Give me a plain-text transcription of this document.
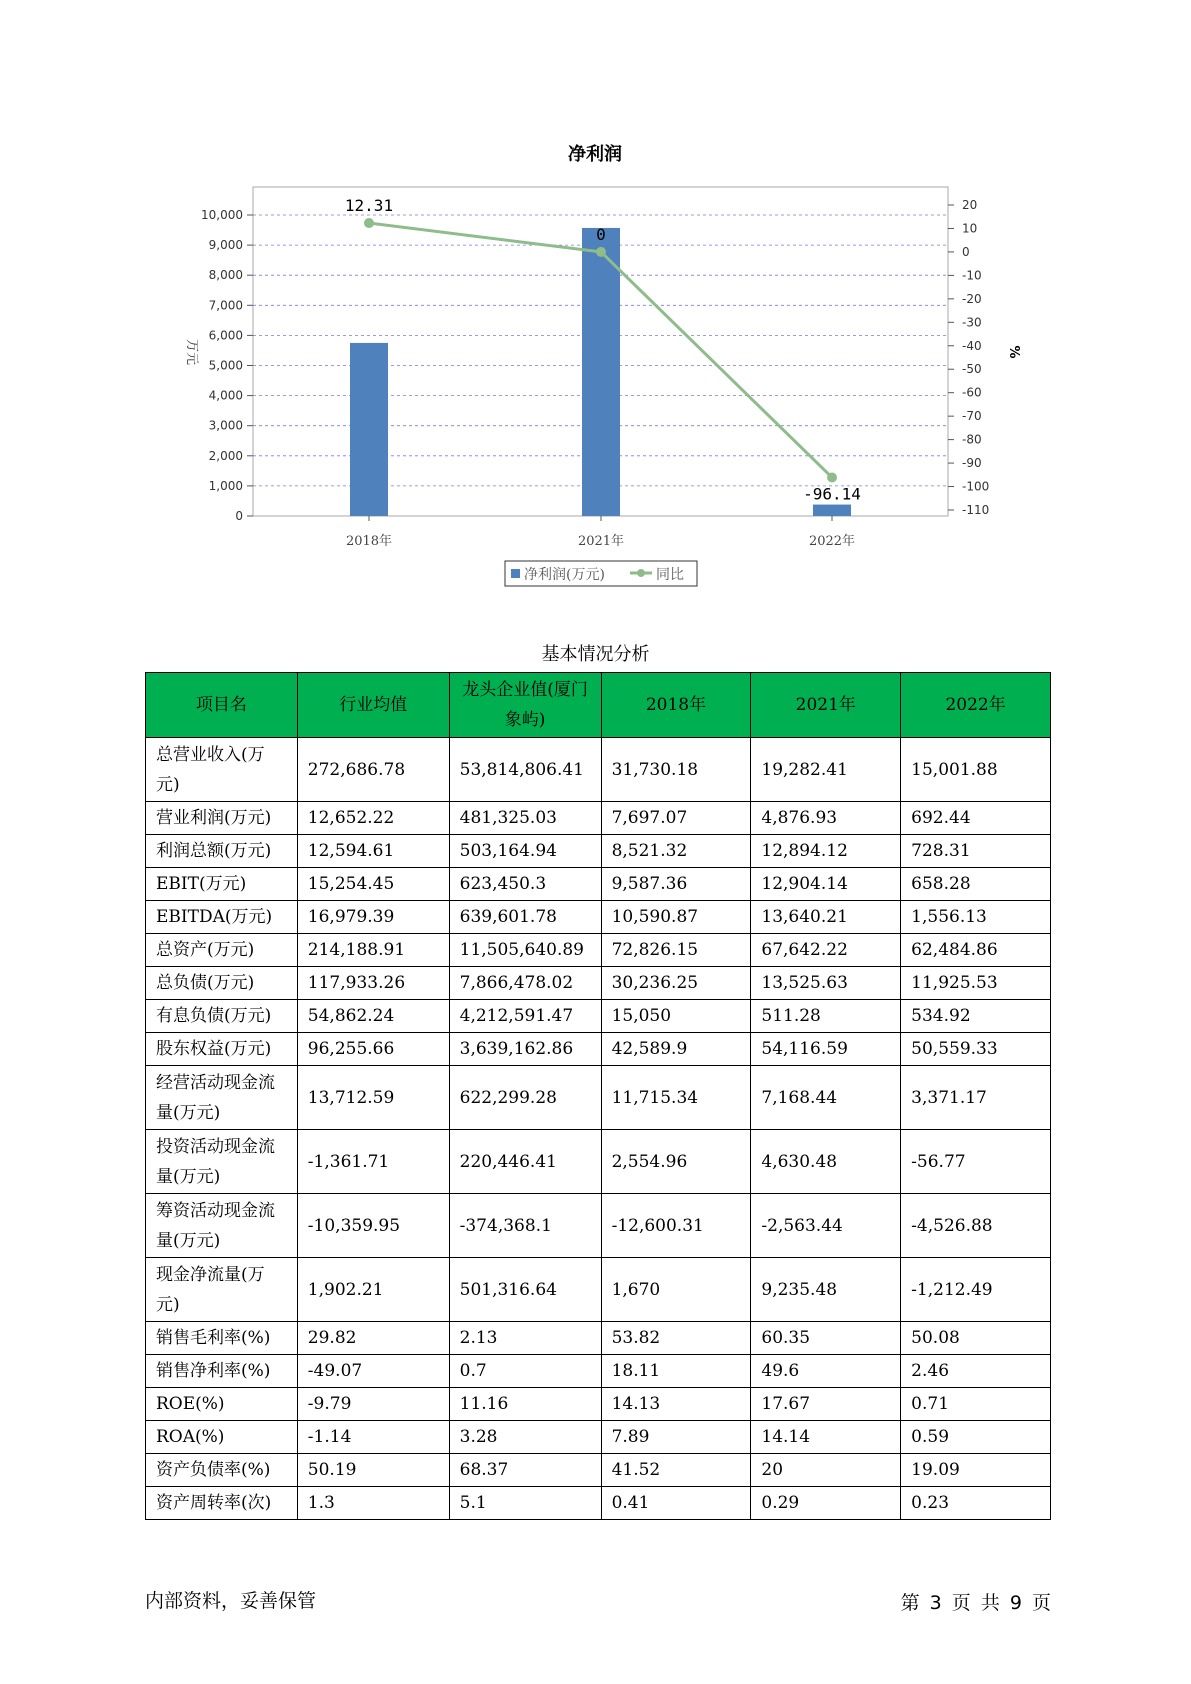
净利润
0
1,000
2,000
3,000
4,000
5,000
6,000
7,000
8,000
9,000
10,000
万元
20
10
0
-10
-20
-30
-40
-50
-60
-70
-80
-90
-100
-110
%
2018年	2021年	2022年
12.31
0
-96.14
净利润(万元)	同比
基本情况分析
项目名	行业均值	龙头企业值(厦门象屿)	2018年	2021年	2022年
总营业收入(万元)	272,686.78	53,814,806.41	31,730.18	19,282.41	15,001.88
营业利润(万元)	12,652.22	481,325.03	7,697.07	4,876.93	692.44
利润总额(万元)	12,594.61	503,164.94	8,521.32	12,894.12	728.31
EBIT(万元)	15,254.45	623,450.3	9,587.36	12,904.14	658.28
EBITDA(万元)	16,979.39	639,601.78	10,590.87	13,640.21	1,556.13
总资产(万元)	214,188.91	11,505,640.89	72,826.15	67,642.22	62,484.86
总负债(万元)	117,933.26	7,866,478.02	30,236.25	13,525.63	11,925.53
有息负债(万元)	54,862.24	4,212,591.47	15,050	511.28	534.92
股东权益(万元)	96,255.66	3,639,162.86	42,589.9	54,116.59	50,559.33
经营活动现金流量(万元)	13,712.59	622,299.28	11,715.34	7,168.44	3,371.17
投资活动现金流量(万元)	-1,361.71	220,446.41	2,554.96	4,630.48	-56.77
筹资活动现金流量(万元)	-10,359.95	-374,368.1	-12,600.31	-2,563.44	-4,526.88
现金净流量(万元)	1,902.21	501,316.64	1,670	9,235.48	-1,212.49
销售毛利率(%)	29.82	2.13	53.82	60.35	50.08
销售净利率(%)	-49.07	0.7	18.11	49.6	2.46
ROE(%)	-9.79	11.16	14.13	17.67	0.71
ROA(%)	-1.14	3.28	7.89	14.14	0.59
资产负债率(%)	50.19	68.37	41.52	20	19.09
资产周转率(次)	1.3	5.1	0.41	0.29	0.23
内部资料，妥善保管	第 3 页 共 9 页
